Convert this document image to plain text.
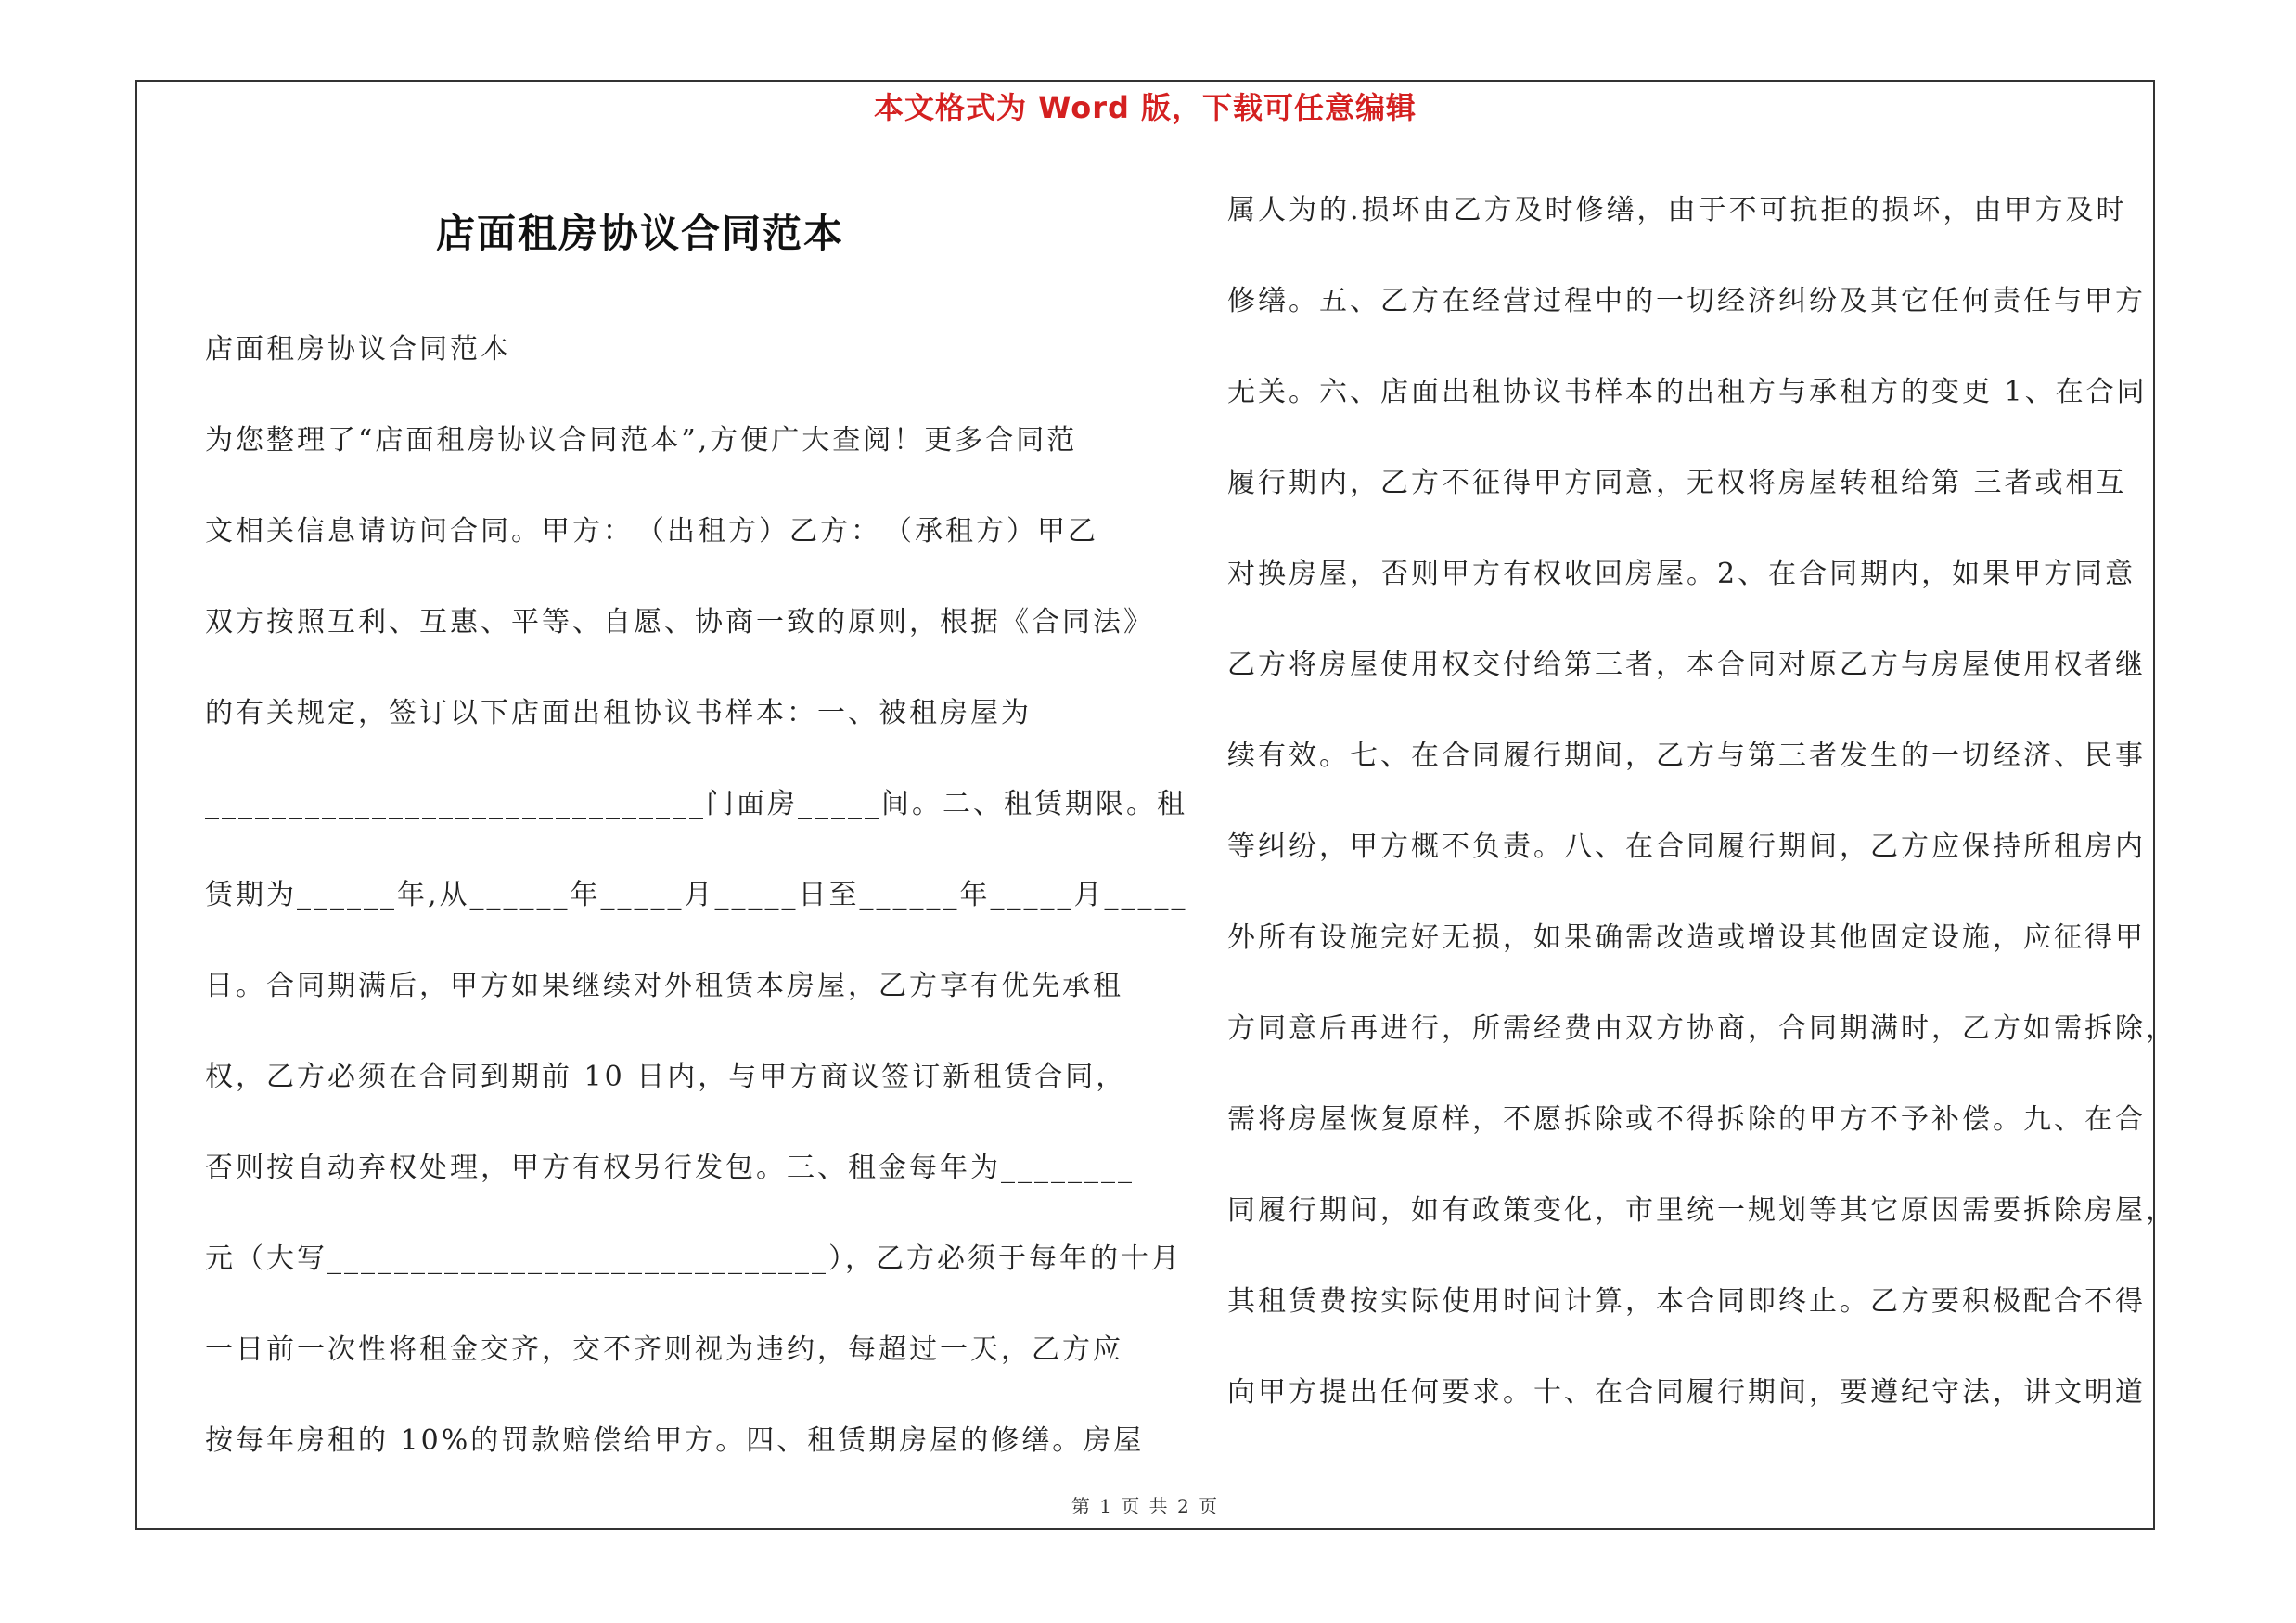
本文格式为 Word 版，下载可任意编辑
店面租房协议合同范本
店面租房协议合同范本
为您整理了“店面租房协议合同范本”,方便广大查阅！更多合同范
文相关信息请访问合同。甲方：　（出租方）乙方：　（承租方）甲乙
双方按照互利、互惠、平等、自愿、协商一致的原则，根据《合同法》
的有关规定，签订以下店面出租协议书样本：一、被租房屋为
______________________________门面房_____间。二、租赁期限。租
赁期为______年,从______年_____月_____日至______年_____月_____
日。合同期满后，甲方如果继续对外租赁本房屋，乙方享有优先承租
权，乙方必须在合同到期前 10 日内，与甲方商议签订新租赁合同，
否则按自动弃权处理，甲方有权另行发包。三、租金每年为________
元（大写______________________________），乙方必须于每年的十月
一日前一次性将租金交齐，交不齐则视为违约，每超过一天，乙方应
按每年房租的 10%的罚款赔偿给甲方。四、租赁期房屋的修缮。房屋
属人为的.损坏由乙方及时修缮，由于不可抗拒的损坏，由甲方及时
修缮。五、乙方在经营过程中的一切经济纠纷及其它任何责任与甲方
无关。六、店面出租协议书样本的出租方与承租方的变更 1、在合同
履行期内，乙方不征得甲方同意，无权将房屋转租给第 三者或相互
对换房屋，否则甲方有权收回房屋。2、在合同期内，如果甲方同意
乙方将房屋使用权交付给第三者，本合同对原乙方与房屋使用权者继
续有效。七、在合同履行期间，乙方与第三者发生的一切经济、民事
等纠纷，甲方概不负责。八、在合同履行期间，乙方应保持所租房内
外所有设施完好无损，如果确需改造或增设其他固定设施，应征得甲
方同意后再进行，所需经费由双方协商，合同期满时，乙方如需拆除，
需将房屋恢复原样，不愿拆除或不得拆除的甲方不予补偿。九、在合
同履行期间，如有政策变化，市里统一规划等其它原因需要拆除房屋，
其租赁费按实际使用时间计算，本合同即终止。乙方要积极配合不得
向甲方提出任何要求。十、在合同履行期间，要遵纪守法，讲文明道
第 1 页 共 2 页
